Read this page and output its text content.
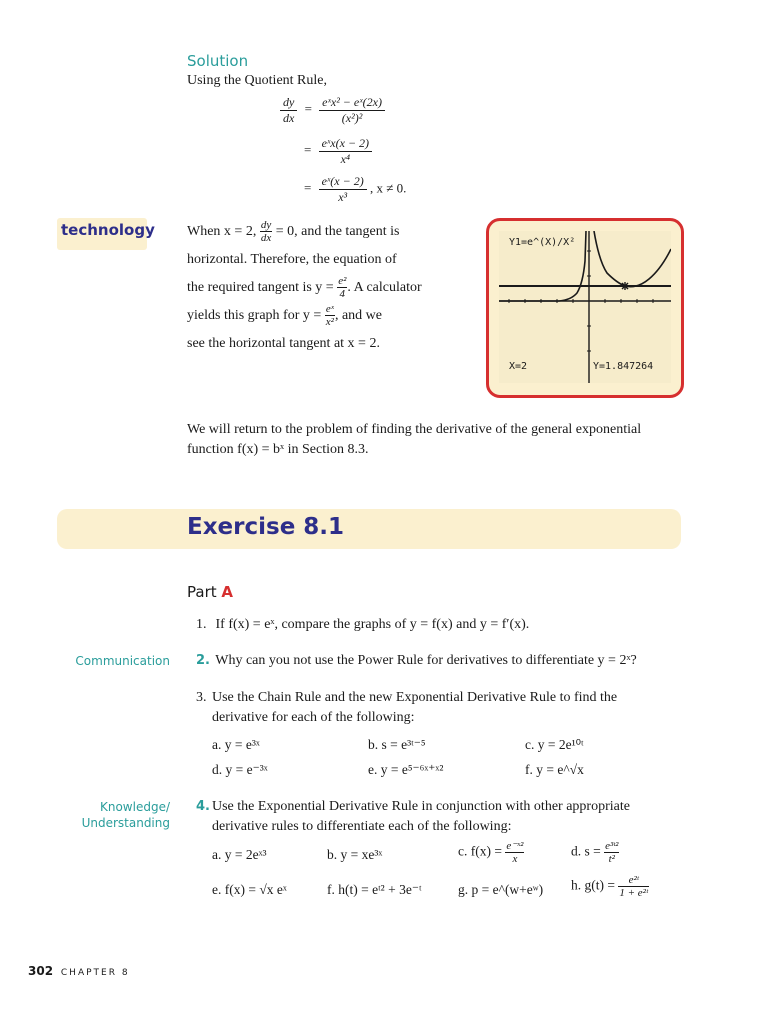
Solution
Using the Quotient Rule,
$\frac{dy}{dx} = \frac{\text{eˣx² − eˣ(2x)}}{\text{(x²)²}}$
= $\frac{\text{eˣx(x − 2)}}{\text{x⁴}}$
= $\frac{\text{eˣ(x − 2)}}{\text{x³}}$ , x ≠ 0.
technology When x = 2, $\frac{dy}{dx} = 0$, and the tangent is
horizontal. Therefore, the equation of
the required tangent is $y = \frac{\text{e²}}{4}$ . A calculator
yields this graph for $y = \frac{\text{eˣ}}{\text{x²}}$ , and we
see the horizontal tangent at x = 2.
Y1=e^(X)/X²
X=2	Y=1.847264
We will return to the problem of finding the derivative of the general exponential
function f(x) = bˣ in Section 8.3.
Exercise 8.1
Part A
1. If f(x) = eˣ, compare the graphs of y = f(x) and y = f′(x).
Communication 2. Why can you not use the Power Rule for derivatives to differentiate y = 2ˣ?
3. Use the Chain Rule and the new Exponential Derivative Rule to find the
derivative for each of the following:
a. y = e³ˣ	b. s = e³ᵗ⁻⁵	c. y = 2e¹⁰ᵗ
d. y = e⁻³ˣ	e. y = e⁵⁻⁶ˣ⁺ˣ²	f. y = e^√x
Knowledge/
Understanding
4. Use the Exponential Derivative Rule in conjunction with other appropriate
derivative rules to differentiate each of the following:
a. y = 2eˣ³	b. y = xe³ˣ	c. $f(x) = \frac{\text{e⁻ˣ²}}{x}$	d. $s = \frac{\text{e³ᵗ²}}{\text{t²}}$
e. f(x) = √x eˣ	f. h(t) = eᵗ² + 3e⁻ᵗ	g. p = e^(w+eʷ) h. $g(t) = \frac{\text{e²ᵗ}}{\text{1 + e²ᵗ}}$
302 CHAPTER 8
